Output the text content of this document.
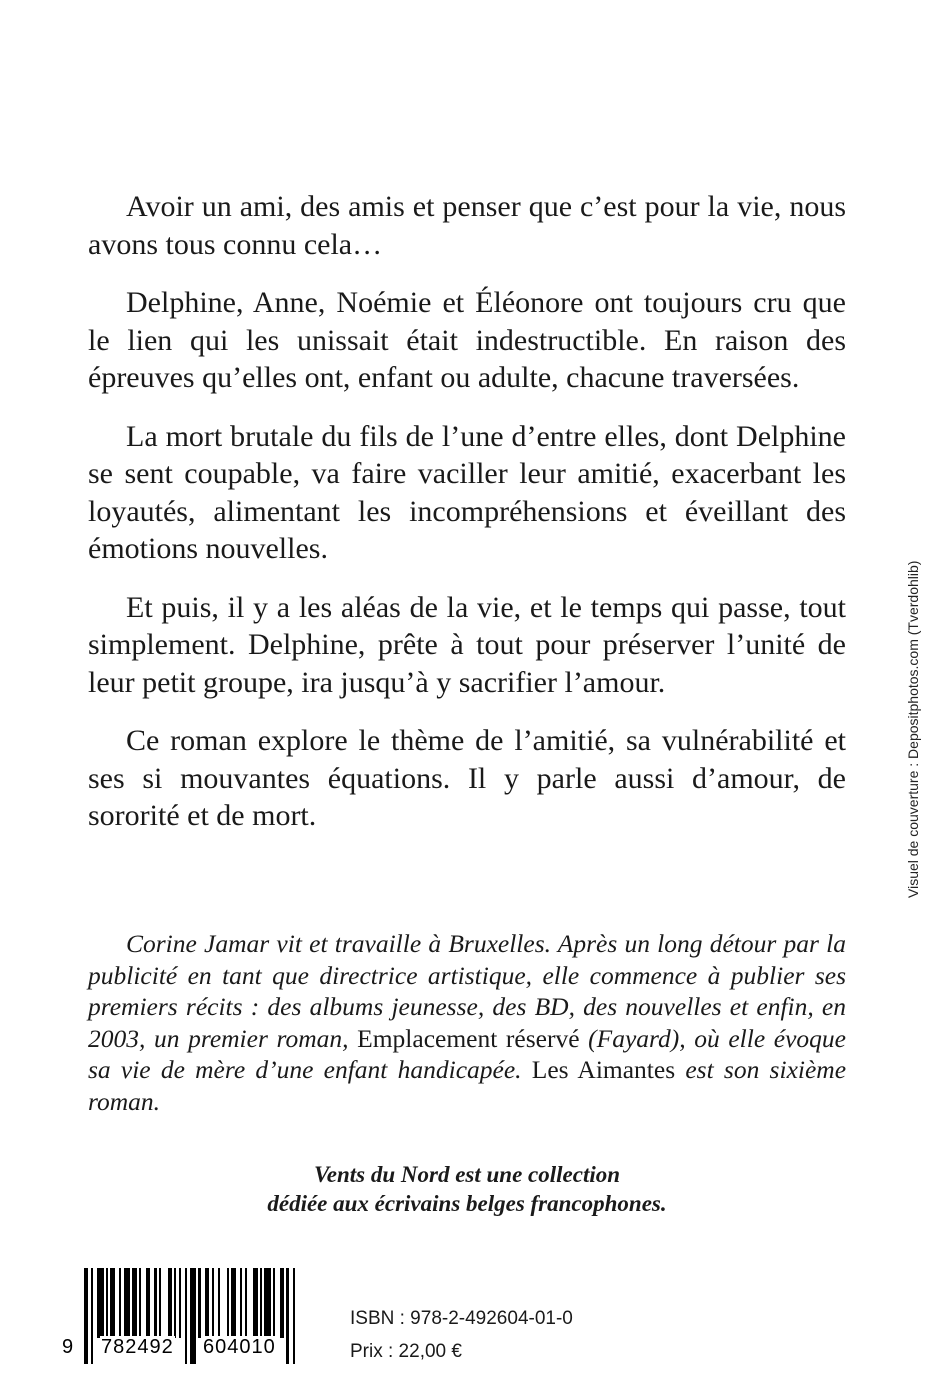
Avoir un ami, des amis et penser que c’est pour la vie, nous avons tous connu cela…

Delphine, Anne, Noémie et Éléonore ont toujours cru que le lien qui les unissait était indestructible. En raison des épreuves qu’elles ont, enfant ou adulte, chacune traversées.

La mort brutale du fils de l’une d’entre elles, dont Delphine se sent coupable, va faire vaciller leur amitié, exacerbant les loyautés, alimentant les incompréhensions et éveillant des émotions nouvelles.

Et puis, il y a les aléas de la vie, et le temps qui passe, tout simplement. Delphine, prête à tout pour préserver l’unité de leur petit groupe, ira jusqu’à y sacrifier l’amour.

Ce roman explore le thème de l’amitié, sa vulnérabilité et ses si mouvantes équations. Il y parle aussi d’amour, de sororité et de mort.

Corine Jamar vit et travaille à Bruxelles. Après un long détour par la publicité en tant que directrice artistique, elle commence à publier ses premiers récits : des albums jeunesse, des BD, des nouvelles et enfin, en 2003, un premier roman, Emplacement réservé (Fayard), où elle évoque sa vie de mère d’une enfant handicapée. Les Aimantes est son sixième roman.
Vents du Nord est une collection
dédiée aux écrivains belges francophones.
Visuel de couverture : Depositphotos.com (Tverdohlib)
9 782492 604010
ISBN : 978-2-492604-01-0
Prix : 22,00 €
